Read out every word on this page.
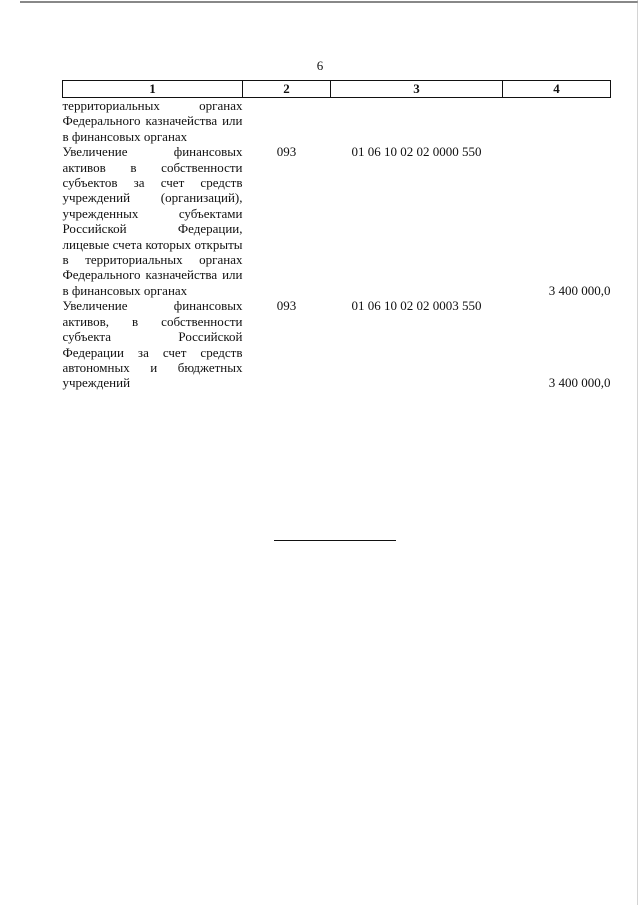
6
1	2	3	4
территориальных органах Федерального казначейства или в финансовых органах			
Увеличение финансовых активов в собственности субъектов за счет средств учреждений (организаций), учрежденных субъектами Российской Федерации, лицевые счета которых открыты в территориальных органах Федерального казначейства или в финансовых органах	093	01 06 10 02 02 0000 550	3 400 000,0
Увеличение финансовых активов, в собственности субъекта Российской Федерации за счет средств автономных и бюджетных учреждений	093	01 06 10 02 02 0003 550	3 400 000,0
